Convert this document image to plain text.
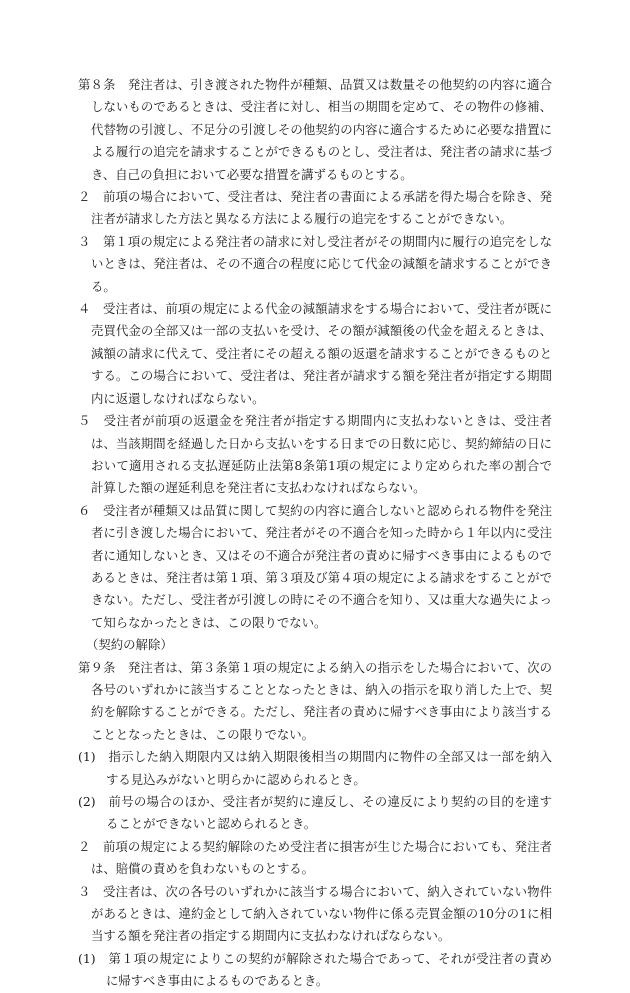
第８条　発注者は、引き渡された物件が種類、品質又は数量その他契約の内容に適合しないものであるときは、受注者に対し、相当の期間を定めて、その物件の修補、代替物の引渡し、不足分の引渡しその他契約の内容に適合するために必要な措置による履行の追完を請求することができるものとし、受注者は、発注者の請求に基づき、自己の負担において必要な措置を講ずるものとする。

２　前項の場合において、受注者は、発注者の書面による承諾を得た場合を除き、発注者が請求した方法と異なる方法による履行の追完をすることができない。

３　第１項の規定による発注者の請求に対し受注者がその期間内に履行の追完をしないときは、発注者は、その不適合の程度に応じて代金の減額を請求することができる。

４　受注者は、前項の規定による代金の減額請求をする場合において、受注者が既に売買代金の全部又は一部の支払いを受け、その額が減額後の代金を超えるときは、減額の請求に代えて、受注者にその超える額の返還を請求することができるものとする。この場合において、受注者は、発注者が請求する額を発注者が指定する期間内に返還しなければならない。

５　受注者が前項の返還金を発注者が指定する期間内に支払わないときは、受注者は、当該期間を経過した日から支払いをする日までの日数に応じ、契約締結の日において適用される支払遅延防止法第8条第1項の規定により定められた率の割合で計算した額の遅延利息を発注者に支払わなければならない。

６　受注者が種類又は品質に関して契約の内容に適合しないと認められる物件を発注者に引き渡した場合において、発注者がその不適合を知った時から１年以内に受注者に通知しないとき、又はその不適合が発注者の責めに帰すべき事由によるものであるときは、発注者は第１項、第３項及び第４項の規定による請求をすることができない。ただし、受注者が引渡しの時にその不適合を知り、又は重大な過失によって知らなかったときは、この限りでない。

（契約の解除）

第９条　発注者は、第３条第１項の規定による納入の指示をした場合において、次の各号のいずれかに該当することとなったときは、納入の指示を取り消した上で、契約を解除することができる。ただし、発注者の責めに帰すべき事由により該当することとなったときは、この限りでない。

(1)　指示した納入期限内又は納入期限後相当の期間内に物件の全部又は一部を納入する見込みがないと明らかに認められるとき。

(2)　前号の場合のほか、受注者が契約に違反し、その違反により契約の目的を達することができないと認められるとき。

２　前項の規定による契約解除のため受注者に損害が生じた場合においても、発注者は、賠償の責めを負わないものとする。

３　受注者は、次の各号のいずれかに該当する場合において、納入されていない物件があるときは、違約金として納入されていない物件に係る売買金額の10分の1に相当する額を発注者の指定する期間内に支払わなければならない。

(1)　第１項の規定によりこの契約が解除された場合であって、それが受注者の責めに帰すべき事由によるものであるとき。
